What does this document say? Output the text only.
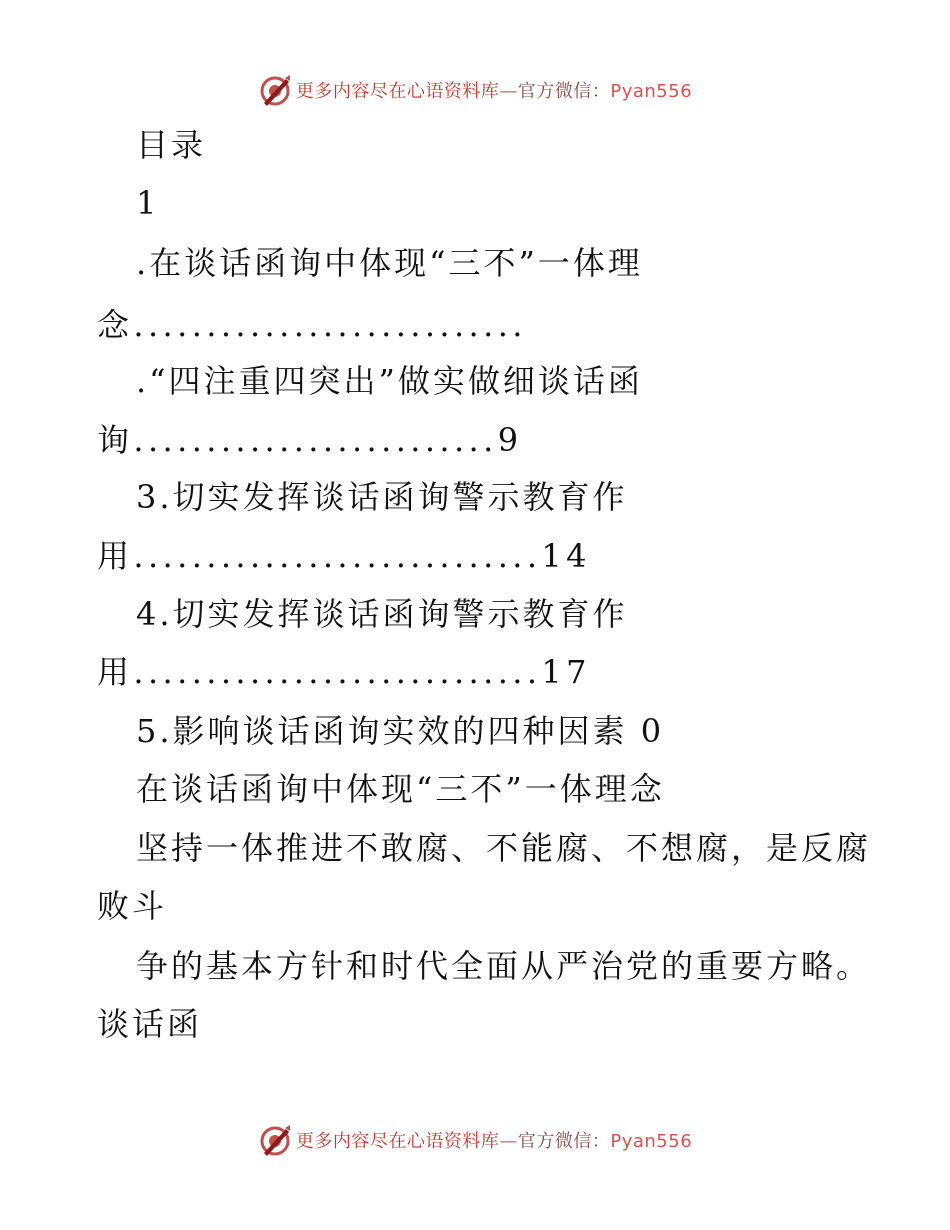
更多内容尽在心语资料库—官方微信：Pyan556
目录
1
.在谈话函询中体现“三不”一体理
念...........................
.“四注重四突出”做实做细谈话函
询.........................9
3.切实发挥谈话函询警示教育作
用............................14
4.切实发挥谈话函询警示教育作
用............................17
5.影响谈话函询实效的四种因素 0
在谈话函询中体现“三不”一体理念
坚持一体推进不敢腐、不能腐、不想腐，是反腐
败斗
争的基本方针和时代全面从严治党的重要方略。
谈话函
更多内容尽在心语资料库—官方微信：Pyan556
